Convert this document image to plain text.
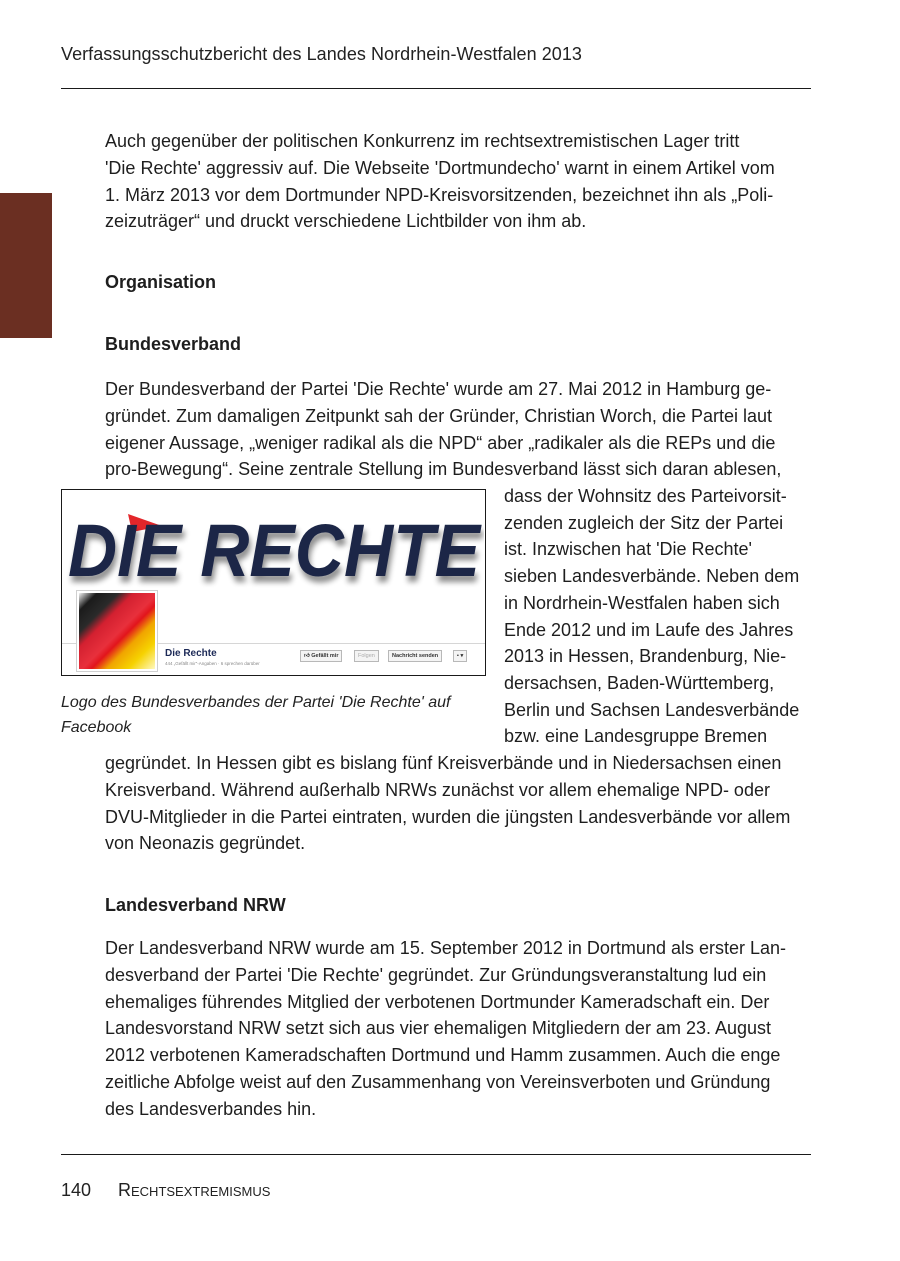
Verfassungsschutzbericht des Landes Nordrhein-Westfalen 2013
Auch gegenüber der politischen Konkurrenz im rechtsextremistischen Lager tritt
'Die Rechte' aggressiv auf. Die Webseite 'Dortmundecho' warnt in einem Artikel vom
1. März 2013 vor dem Dortmunder NPD-Kreisvorsitzenden, bezeichnet ihn als „Poli-
zeizuträger“ und druckt verschiedene Lichtbilder von ihm ab.
Organisation
Bundesverband
Der Bundesverband der Partei 'Die Rechte' wurde am 27. Mai 2012 in Hamburg ge-
gründet. Zum damaligen Zeitpunkt sah der Gründer, Christian Worch, die Partei laut
eigener Aussage, „weniger radikal als die NPD“ aber „radikaler als die REPs und die
pro-Bewegung“. Seine zentrale Stellung im Bundesverband lässt sich daran ablesen,
DIE RECHTE
Die Rechte
444 „Gefällt mir“-Angaben · 6 sprechen darüber
👍︎ Gefällt mir	Folgen	Nachricht senden	▪ ▾
Logo des Bundesverbandes der Partei 'Die Rechte' auf
Facebook
dass der Wohnsitz des Parteivorsit-
zenden zugleich der Sitz der Partei
ist. Inzwischen hat 'Die Rechte'
sieben Landesverbände. Neben dem
in Nordrhein-Westfalen haben sich
Ende 2012 und im Laufe des Jahres
2013 in Hessen, Brandenburg, Nie-
dersachsen, Baden-Württemberg,
Berlin und Sachsen Landesverbände
bzw. eine Landesgruppe Bremen
gegründet. In Hessen gibt es bislang fünf Kreisverbände und in Niedersachsen einen
Kreisverband. Während außerhalb NRWs zunächst vor allem ehemalige NPD- oder
DVU-Mitglieder in die Partei eintraten, wurden die jüngsten Landesverbände vor allem
von Neonazis gegründet.
Landesverband NRW
Der Landesverband NRW wurde am 15. September 2012 in Dortmund als erster Lan-
desverband der Partei 'Die Rechte' gegründet. Zur Gründungsveranstaltung lud ein
ehemaliges führendes Mitglied der verbotenen Dortmunder Kameradschaft ein. Der
Landesvorstand NRW setzt sich aus vier ehemaligen Mitgliedern der am 23. August
2012 verbotenen Kameradschaften Dortmund und Hamm zusammen. Auch die enge
zeitliche Abfolge weist auf den Zusammenhang von Vereinsverboten und Gründung
des Landesverbandes hin.
140 Rechtsextremismus
